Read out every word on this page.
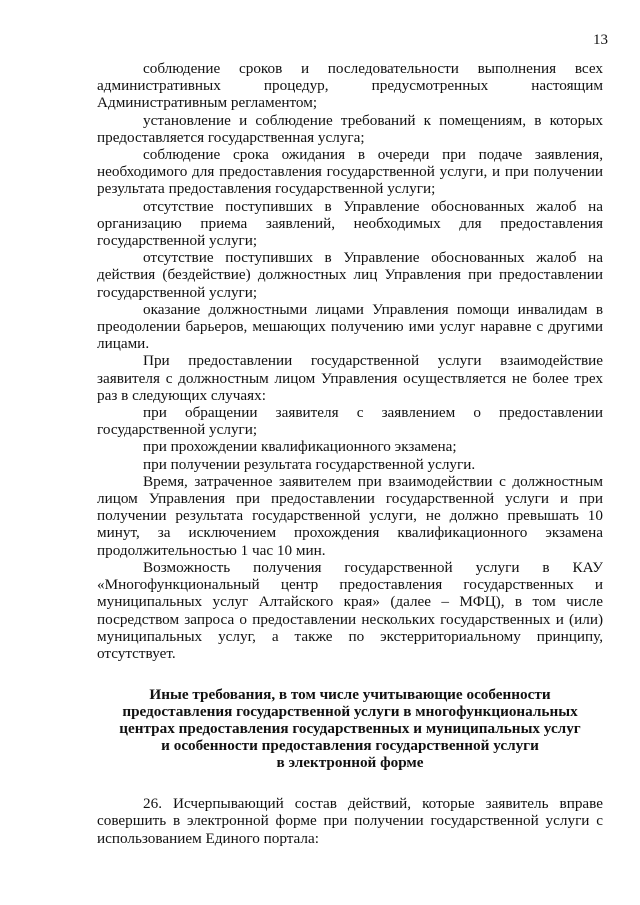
13

соблюдение сроков и последовательности выполнения всех административных процедур, предусмотренных настоящим Административным регламентом;

установление и соблюдение требований к помещениям, в которых предоставляется государственная услуга;

соблюдение срока ожидания в очереди при подаче заявления, необходимого для предоставления государственной услуги, и при получении результата предоставления государственной услуги;

отсутствие поступивших в Управление обоснованных жалоб на организацию приема заявлений, необходимых для предоставления государственной услуги;

отсутствие поступивших в Управление обоснованных жалоб на действия (бездействие) должностных лиц Управления при предоставлении государственной услуги;

оказание должностными лицами Управления помощи инвалидам в преодолении барьеров, мешающих получению ими услуг наравне с другими лицами.

При предоставлении государственной услуги взаимодействие заявителя с должностным лицом Управления осуществляется не более трех раз в следующих случаях:

при обращении заявителя с заявлением о предоставлении государственной услуги;

при прохождении квалификационного экзамена;

при получении результата государственной услуги.

Время, затраченное заявителем при взаимодействии с должностным лицом Управления при предоставлении государственной услуги и при получении результата государственной услуги, не должно превышать 10 минут, за исключением прохождения квалификационного экзамена продолжительностью 1 час 10 мин.

Возможность получения государственной услуги в КАУ «Многофункциональный центр предоставления государственных и муниципальных услуг Алтайского края» (далее – МФЦ), в том числе посредством запроса о предоставлении нескольких государственных и (или) муниципальных услуг, а также по экстерриториальному принципу, отсутствует.

Иные требования, в том числе учитывающие особенности
предоставления государственной услуги в многофункциональных
центрах предоставления государственных и муниципальных услуг
и особенности предоставления государственной услуги
в электронной форме

26. Исчерпывающий состав действий, которые заявитель вправе совершить в электронной форме при получении государственной услуги с использованием Единого портала:
